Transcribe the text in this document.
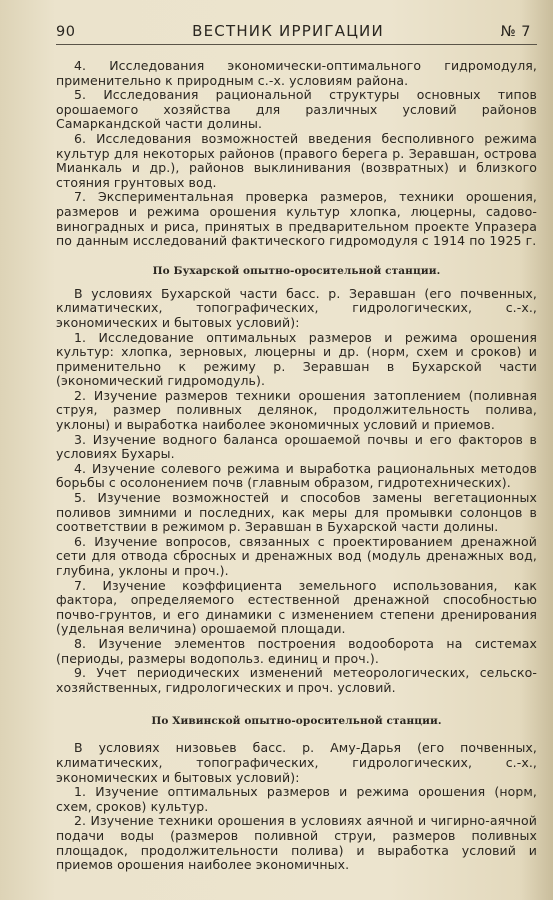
90	ВЕСТНИК ИРРИГАЦИИ	№ 7

4. Исследования экономически-оптимального гидромодуля, применительно к природным с.-х. условиям района.

5. Исследования рациональной структуры основных типов орошаемого хозяйства для различных условий районов Самаркандской части долины.

6. Исследования возможностей введения бесполивного режима культур для некоторых районов (правого берега р. Зеравшан, острова Мианкаль и др.), районов выклинивания (возвратных) и близкого стояния грунтовых вод.

7. Экспериментальная проверка размеров, техники орошения, размеров и режима орошения культур хлопка, люцерны, садово-виноградных и риса, принятых в предварительном проекте Упразера по данным исследований фактического гидромодуля с 1914 по 1925 г.

По Бухарской опытно-оросительной станции.

В условиях Бухарской части басс. р. Зеравшан (его почвенных, климатических, топографических, гидрологических, с.-х., экономических и бытовых условий):

1. Исследование оптимальных размеров и режима орошения культур: хлопка, зерновых, люцерны и др. (норм, схем и сроков) и применительно к режиму р. Зеравшан в Бухарской части (экономический гидромодуль).

2. Изучение размеров техники орошения затоплением (поливная струя, размер поливных делянок, продолжительность полива, уклоны) и выработка наиболее экономичных условий и приемов.

3. Изучение водного баланса орошаемой почвы и его факторов в условиях Бухары.

4. Изучение солевого режима и выработка рациональных методов борьбы с осолонением почв (главным образом, гидротехнических).

5. Изучение возможностей и способов замены вегетационных поливов зимними и последних, как меры для промывки солонцов в соответствии в режимом р. Зеравшан в Бухарской части долины.

6. Изучение вопросов, связанных с проектированием дренажной сети для отвода сбросных и дренажных вод (модуль дренажных вод, глубина, уклоны и проч.).

7. Изучение коэффициента земельного использования, как фактора, определяемого естественной дренажной способностью почво-грунтов, и его динамики с изменением степени дренирования (удельная величина) орошаемой площади.

8. Изучение элементов построения водооборота на системах (периоды, размеры водопольз. единиц и проч.).

9. Учет периодических изменений метеорологических, сельско-хозяйственных, гидрологических и проч. условий.

По Хивинской опытно-оросительной станции.

В условиях низовьев басс. р. Аму-Дарья (его почвенных, климатических, топографических, гидрологических, с.-х., экономических и бытовых условий):

1. Изучение оптимальных размеров и режима орошения (норм, схем, сроков) культур.

2. Изучение техники орошения в условиях аячной и чигирно-аячной подачи воды (размеров поливной струи, размеров поливных площадок, продолжительности полива) и выработка условий и приемов орошения наиболее экономичных.
